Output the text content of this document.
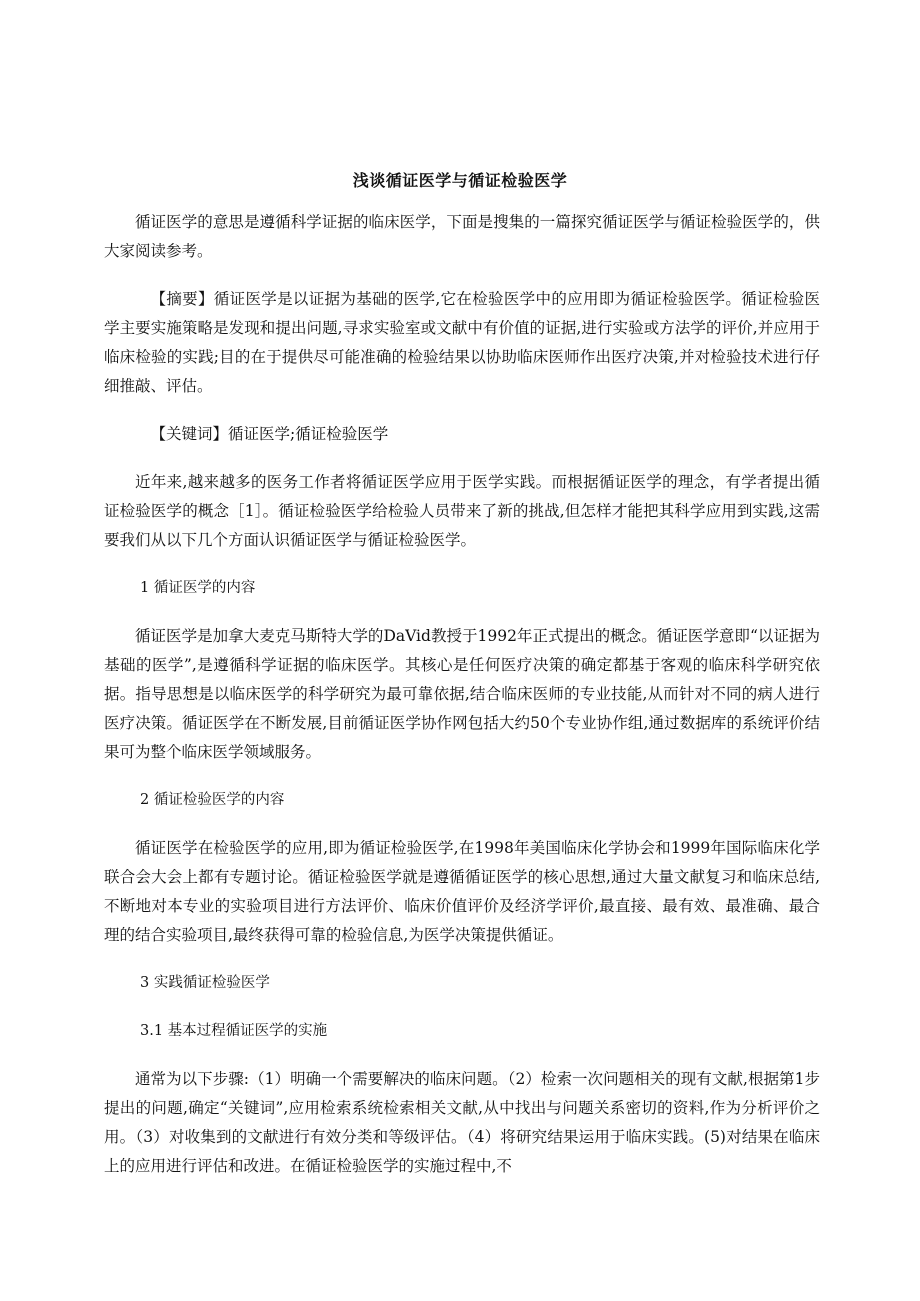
浅谈循证医学与循证检验医学

循证医学的意思是遵循科学证据的临床医学，下面是搜集的一篇探究循证医学与循证检验医学的，供大家阅读参考。

【摘要】循证医学是以证据为基础的医学,它在检验医学中的应用即为循证检验医学。循证检验医学主要实施策略是发现和提出问题,寻求实验室或文献中有价值的证据,进行实验或方法学的评价,并应用于临床检验的实践;目的在于提供尽可能准确的检验结果以协助临床医师作出医疗决策,并对检验技术进行仔细推敲、评估。

【关键词】循证医学;循证检验医学

近年来,越来越多的医务工作者将循证医学应用于医学实践。而根据循证医学的理念，有学者提出循证检验医学的概念［1］。循证检验医学给检验人员带来了新的挑战,但怎样才能把其科学应用到实践,这需要我们从以下几个方面认识循证医学与循证检验医学。

1 循证医学的内容

循证医学是加拿大麦克马斯特大学的DaVid教授于1992年正式提出的概念。循证医学意即“以证据为基础的医学”,是遵循科学证据的临床医学。其核心是任何医疗决策的确定都基于客观的临床科学研究依据。指导思想是以临床医学的科学研究为最可靠依据,结合临床医师的专业技能,从而针对不同的病人进行医疗决策。循证医学在不断发展,目前循证医学协作网包括大约50个专业协作组,通过数据库的系统评价结果可为整个临床医学领域服务。

2 循证检验医学的内容

循证医学在检验医学的应用,即为循证检验医学,在1998年美国临床化学协会和1999年国际临床化学联合会大会上都有专题讨论。循证检验医学就是遵循循证医学的核心思想,通过大量文献复习和临床总结,不断地对本专业的实验项目进行方法评价、临床价值评价及经济学评价,最直接、最有效、最准确、最合理的结合实验项目,最终获得可靠的检验信息,为医学决策提供循证。

3 实践循证检验医学
3.1 基本过程循证医学的实施

通常为以下步骤:（1）明确一个需要解决的临床问题。（2）检索一次问题相关的现有文献,根据第1步提出的问题,确定“关键词”,应用检索系统检索相关文献,从中找出与问题关系密切的资料,作为分析评价之用。（3）对收集到的文献进行有效分类和等级评估。（4）将研究结果运用于临床实践。(5)对结果在临床上的应用进行评估和改进。在循证检验医学的实施过程中,不
